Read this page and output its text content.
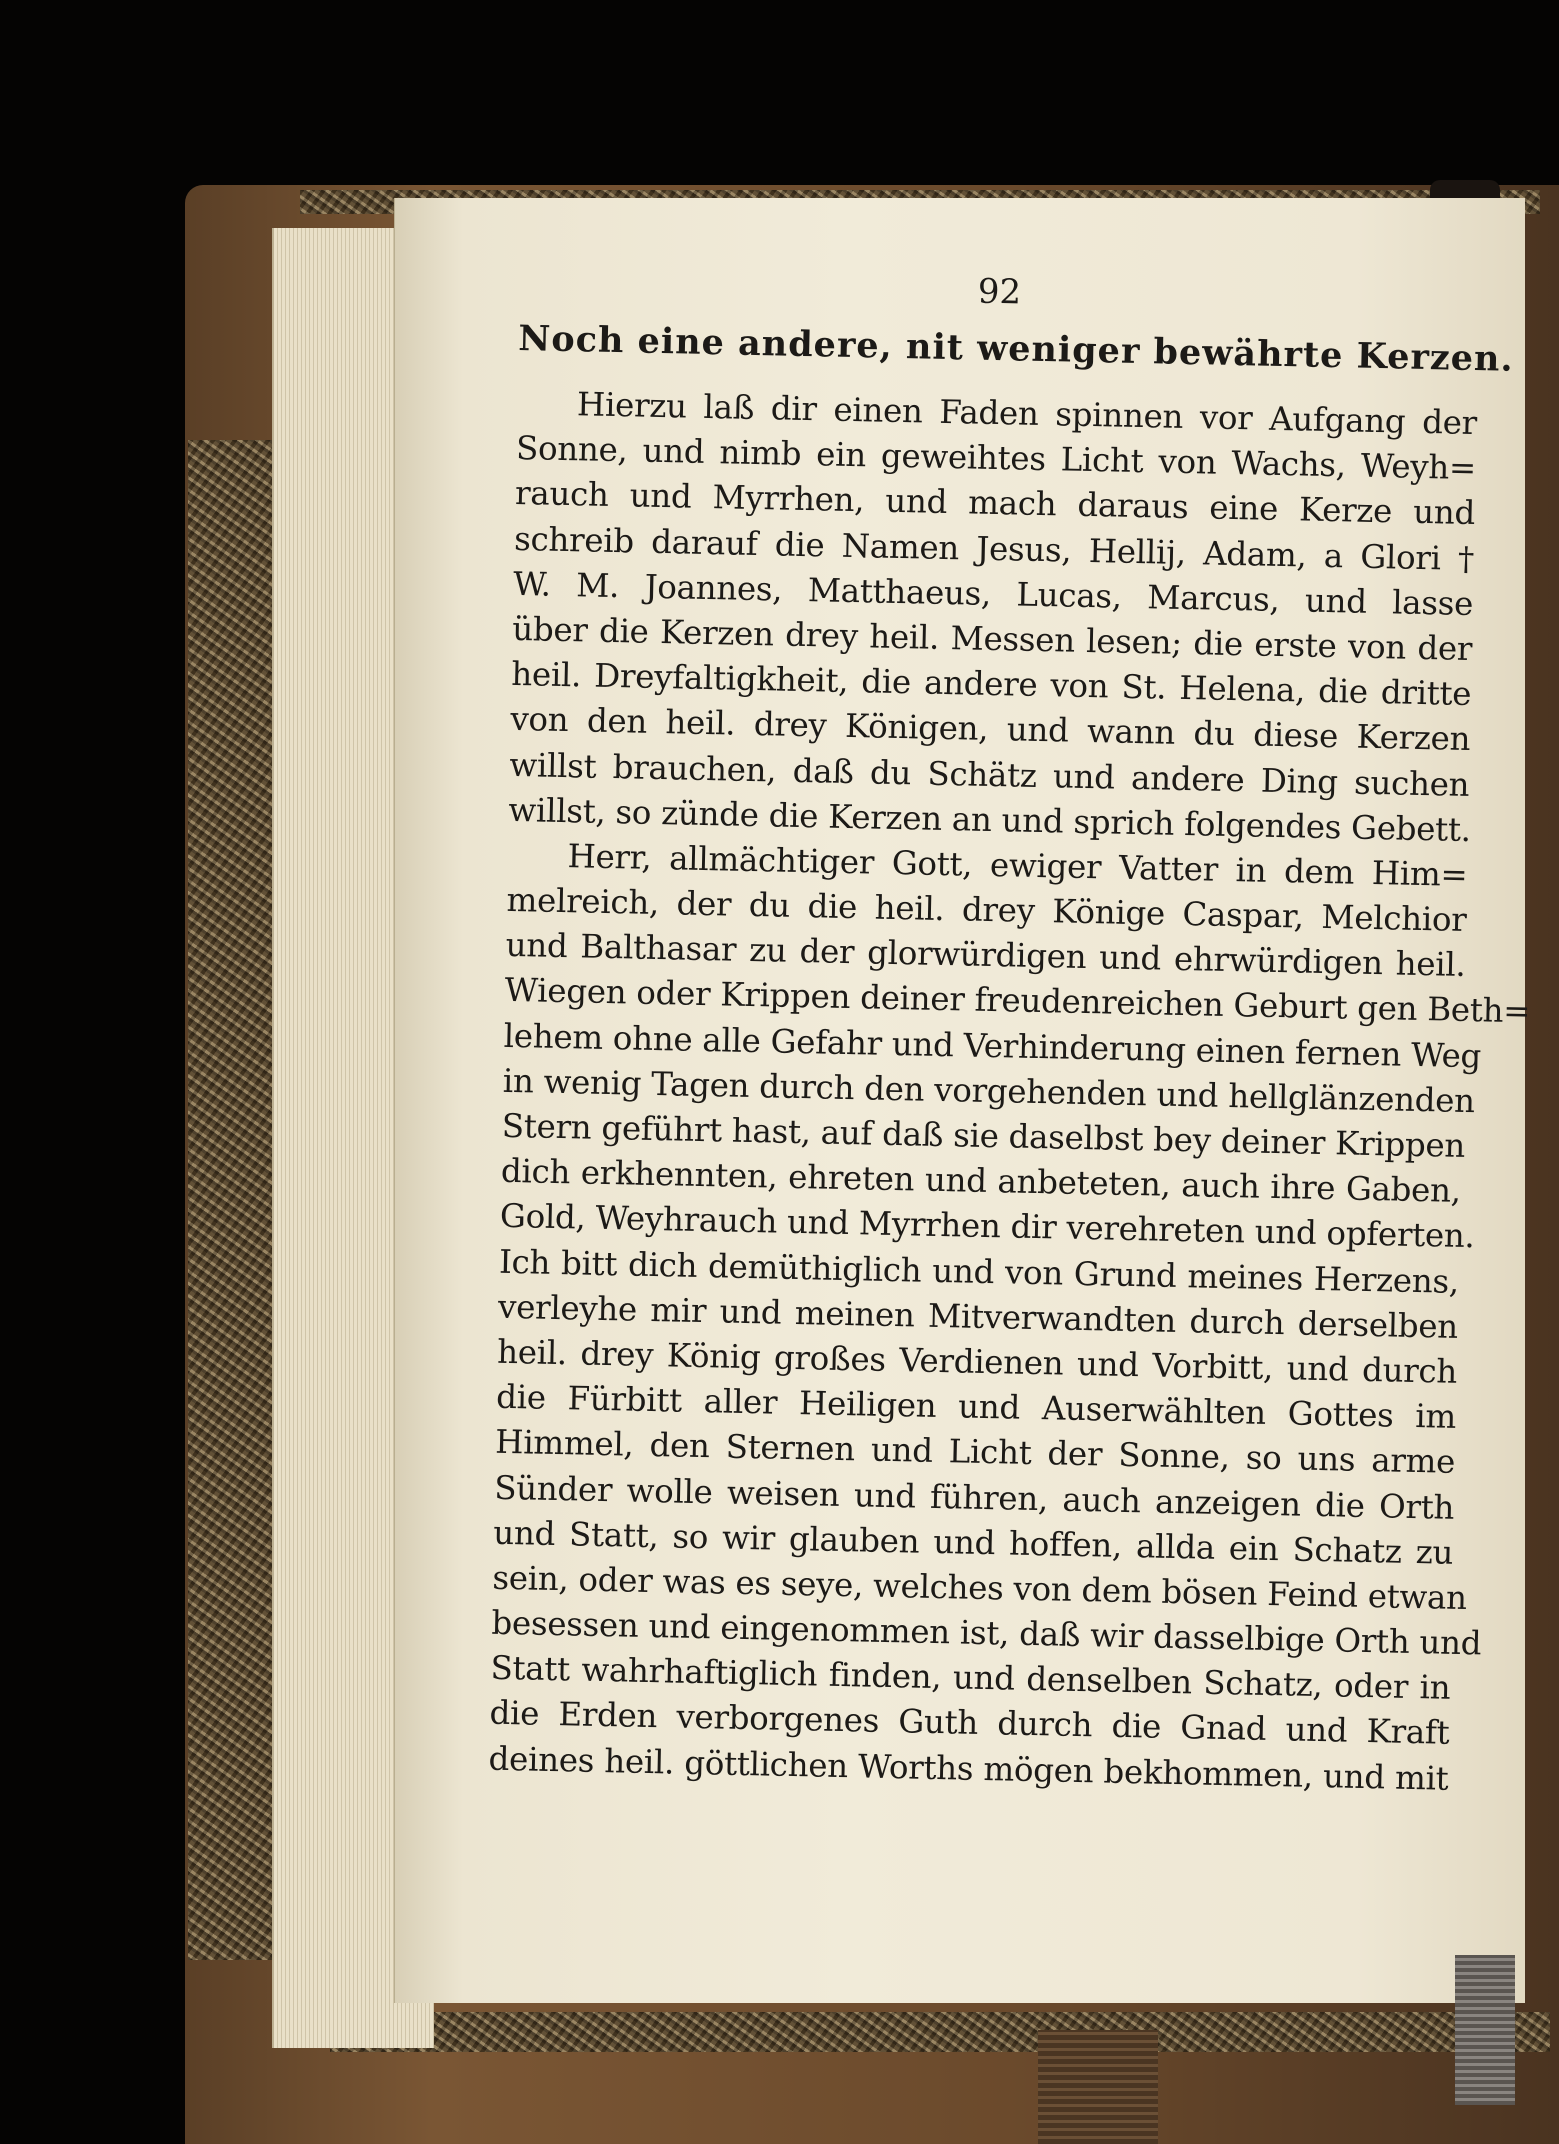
92
Noch eine andere, nit weniger bewährte Kerzen.
Hierzu laß dir einen Faden spinnen vor Aufgang der
Sonne, und nimb ein geweihtes Licht von Wachs, Weyh=
rauch und Myrrhen, und mach daraus eine Kerze und
schreib darauf die Namen Jesus, Hellij, Adam, a Glori †
W. M. Joannes, Matthaeus, Lucas, Marcus, und lasse
über die Kerzen drey heil. Messen lesen; die erste von der
heil. Dreyfaltigkheit, die andere von St. Helena, die dritte
von den heil. drey Königen, und wann du diese Kerzen
willst brauchen, daß du Schätz und andere Ding suchen
willst, so zünde die Kerzen an und sprich folgendes Gebett.
Herr, allmächtiger Gott, ewiger Vatter in dem Him=
melreich, der du die heil. drey Könige Caspar, Melchior
und Balthasar zu der glorwürdigen und ehrwürdigen heil.
Wiegen oder Krippen deiner freudenreichen Geburt gen Beth=
lehem ohne alle Gefahr und Verhinderung einen fernen Weg
in wenig Tagen durch den vorgehenden und hellglänzenden
Stern geführt hast, auf daß sie daselbst bey deiner Krippen
dich erkhennten, ehreten und anbeteten, auch ihre Gaben,
Gold, Weyhrauch und Myrrhen dir verehreten und opferten.
Ich bitt dich demüthiglich und von Grund meines Herzens,
verleyhe mir und meinen Mitverwandten durch derselben
heil. drey König großes Verdienen und Vorbitt, und durch
die Fürbitt aller Heiligen und Auserwählten Gottes im
Himmel, den Sternen und Licht der Sonne, so uns arme
Sünder wolle weisen und führen, auch anzeigen die Orth
und Statt, so wir glauben und hoffen, allda ein Schatz zu
sein, oder was es seye, welches von dem bösen Feind etwan
besessen und eingenommen ist, daß wir dasselbige Orth und
Statt wahrhaftiglich finden, und denselben Schatz, oder in
die Erden verborgenes Guth durch die Gnad und Kraft
deines heil. göttlichen Worths mögen bekhommen, und mit
